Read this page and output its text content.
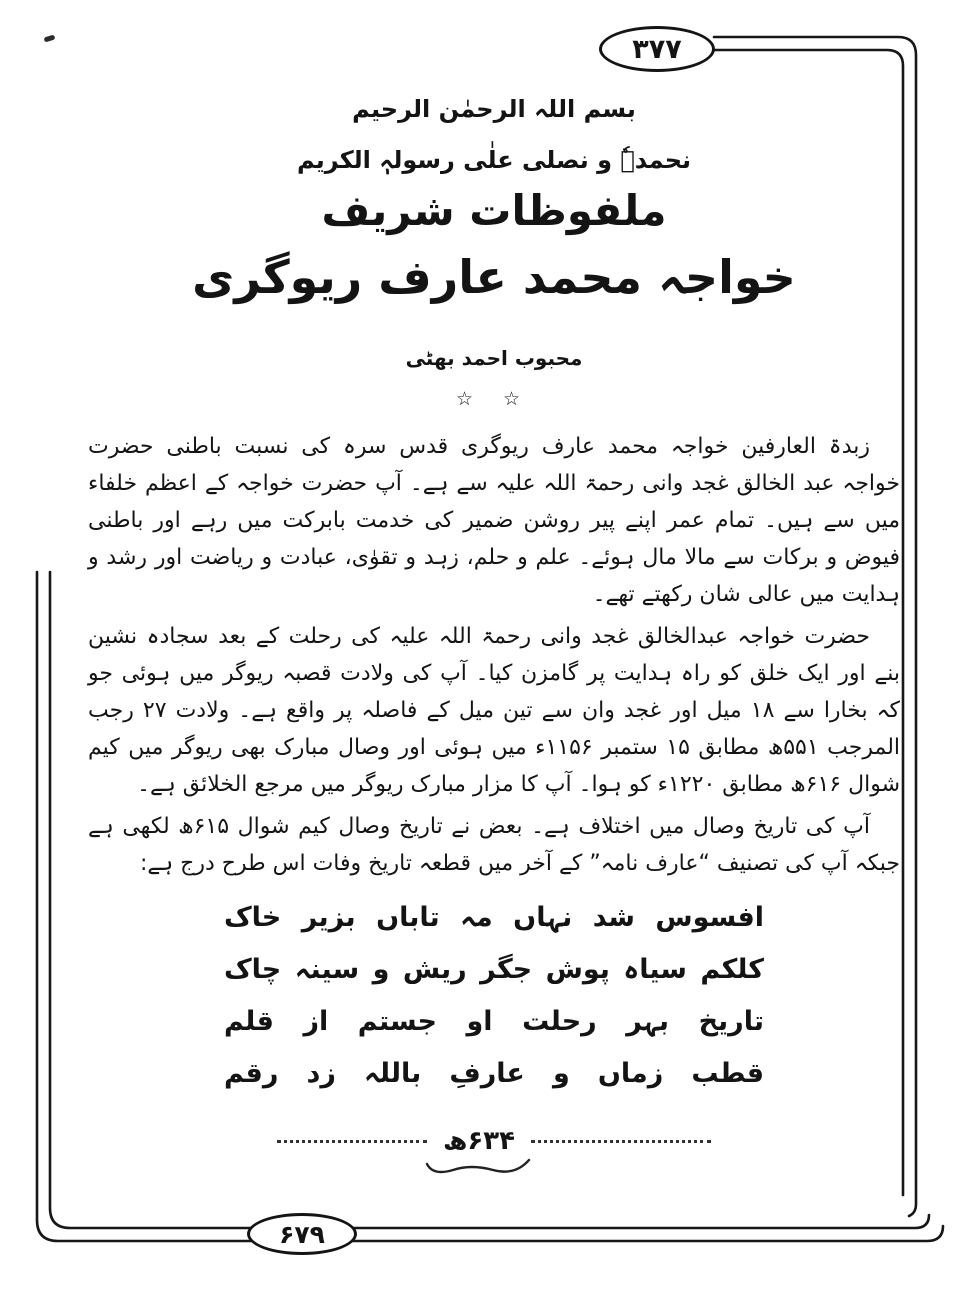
۳۷۷
۶۷۹
بسم اللہ الرحمٰن الرحیم
نحمدہٗ و نصلی علٰی رسولہٖ الکریم
ملفوظات شریف
خواجہ محمد عارف ریوگری
محبوب احمد بھٹی
☆ ☆

زبدۃ العارفین خواجہ محمد عارف ریوگری قدس سرہ کی نسبت باطنی حضرت خواجہ عبد الخالق غجد وانی رحمۃ اللہ علیہ سے ہے۔ آپ حضرت خواجہ کے اعظم خلفاء میں سے ہیں۔ تمام عمر اپنے پیر روشن ضمیر کی خدمت بابرکت میں رہے اور باطنی فیوض و برکات سے مالا مال ہوئے۔ علم و حلم، زہد و تقوٰی، عبادت و ریاضت اور رشد و ہدایت میں عالی شان رکھتے تھے۔

حضرت خواجہ عبدالخالق غجد وانی رحمۃ اللہ علیہ کی رحلت کے بعد سجادہ نشین بنے اور ایک خلق کو راہ ہدایت پر گامزن کیا۔ آپ کی ولادت قصبہ ریوگر میں ہوئی جو کہ بخارا سے ۱۸ میل اور غجد وان سے تین میل کے فاصلہ پر واقع ہے۔ ولادت ۲۷ رجب المرجب ۵۵۱ھ مطابق ۱۵ ستمبر ۱۱۵۶ء میں ہوئی اور وصال مبارک بھی ریوگر میں کیم شوال ۶۱۶ھ مطابق ۱۲۲۰ء کو ہوا۔ آپ کا مزار مبارک ریوگر میں مرجع الخلائق ہے۔

آپ کی تاریخ وصال میں اختلاف ہے۔ بعض نے تاریخ وصال کیم شوال ۶۱۵ھ لکھی ہے جبکہ آپ کی تصنیف “عارف نامہ” کے آخر میں قطعہ تاریخ وفات اس طرح درج ہے:

افسوس شد نہاں مہ تاباں بزیر خاک
کلکم سیاہ پوش جگر ریش و سینہ چاک
تاریخ بہر رحلت او جستم از قلم
قطب زماں و عارفِ باللہ زد رقم
۶۳۴ھ
